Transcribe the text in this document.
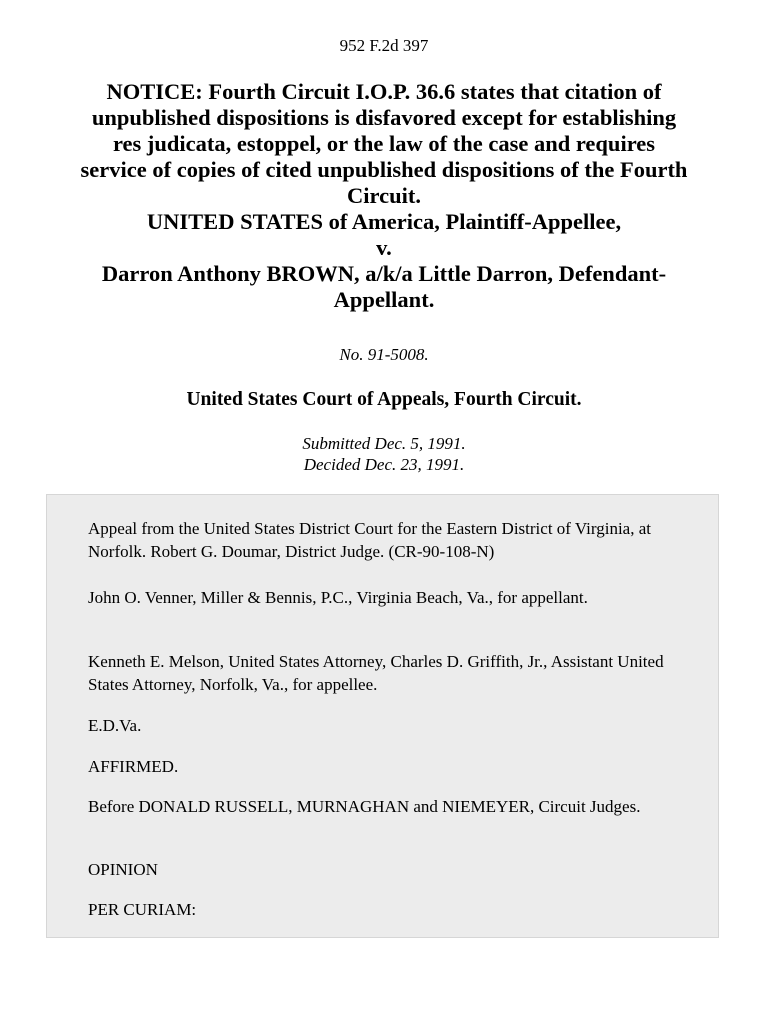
952 F.2d 397
NOTICE: Fourth Circuit I.O.P. 36.6 states that citation of
unpublished dispositions is disfavored except for establishing
res judicata, estoppel, or the law of the case and requires
service of copies of cited unpublished dispositions of the Fourth
Circuit.
UNITED STATES of America, Plaintiff-Appellee,
v.
Darron Anthony BROWN, a/k/a Little Darron, Defendant-
Appellant.
No. 91-5008.
United States Court of Appeals, Fourth Circuit.
Submitted Dec. 5, 1991.
Decided Dec. 23, 1991.
Appeal from the United States District Court for the Eastern District of Virginia, at Norfolk. Robert G. Doumar, District Judge. (CR-90-108-N)
John O. Venner, Miller & Bennis, P.C., Virginia Beach, Va., for appellant.
Kenneth E. Melson, United States Attorney, Charles D. Griffith, Jr., Assistant United States Attorney, Norfolk, Va., for appellee.
E.D.Va.
AFFIRMED.
Before DONALD RUSSELL, MURNAGHAN and NIEMEYER, Circuit Judges.
OPINION
PER CURIAM:
